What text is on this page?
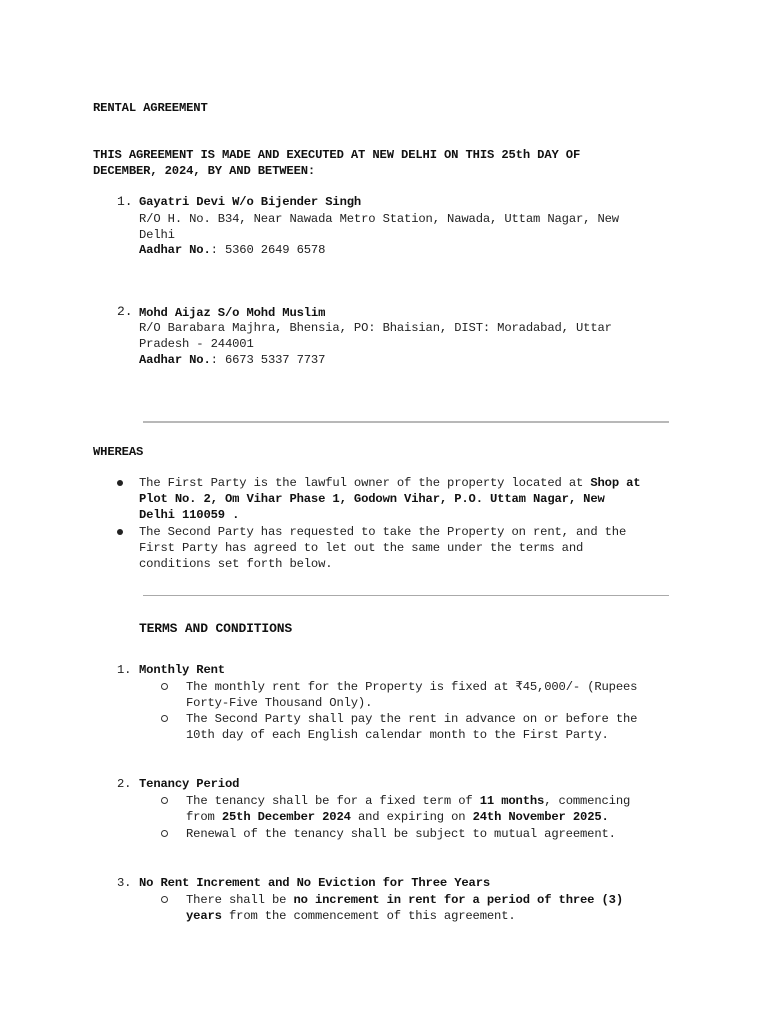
RENTAL AGREEMENT
THIS AGREEMENT IS MADE AND EXECUTED AT NEW DELHI ON THIS 25th DAY OF
DECEMBER, 2024, BY AND BETWEEN:
1. Gayatri Devi W/o Bijender Singh
R/O H. No. B34, Near Nawada Metro Station, Nawada, Uttam Nagar, New
Delhi
Aadhar No.: 5360 2649 6578
2. Mohd Aijaz S/o Mohd Muslim
R/O Barabara Majhra, Bhensia, PO: Bhaisian, DIST: Moradabad, Uttar
Pradesh - 244001
Aadhar No.: 6673 5337 7737
WHEREAS
The First Party is the lawful owner of the property located at Shop at
Plot No. 2, Om Vihar Phase 1, Godown Vihar, P.O. Uttam Nagar, New
Delhi 110059 .
The Second Party has requested to take the Property on rent, and the
First Party has agreed to let out the same under the terms and
conditions set forth below.
TERMS AND CONDITIONS
1. Monthly Rent
The monthly rent for the Property is fixed at ₹45,000/- (Rupees
Forty-Five Thousand Only).
The Second Party shall pay the rent in advance on or before the
10th day of each English calendar month to the First Party.
2. Tenancy Period
The tenancy shall be for a fixed term of 11 months, commencing
from 25th December 2024 and expiring on 24th November 2025.
Renewal of the tenancy shall be subject to mutual agreement.
3. No Rent Increment and No Eviction for Three Years
There shall be no increment in rent for a period of three (3)
years from the commencement of this agreement.
